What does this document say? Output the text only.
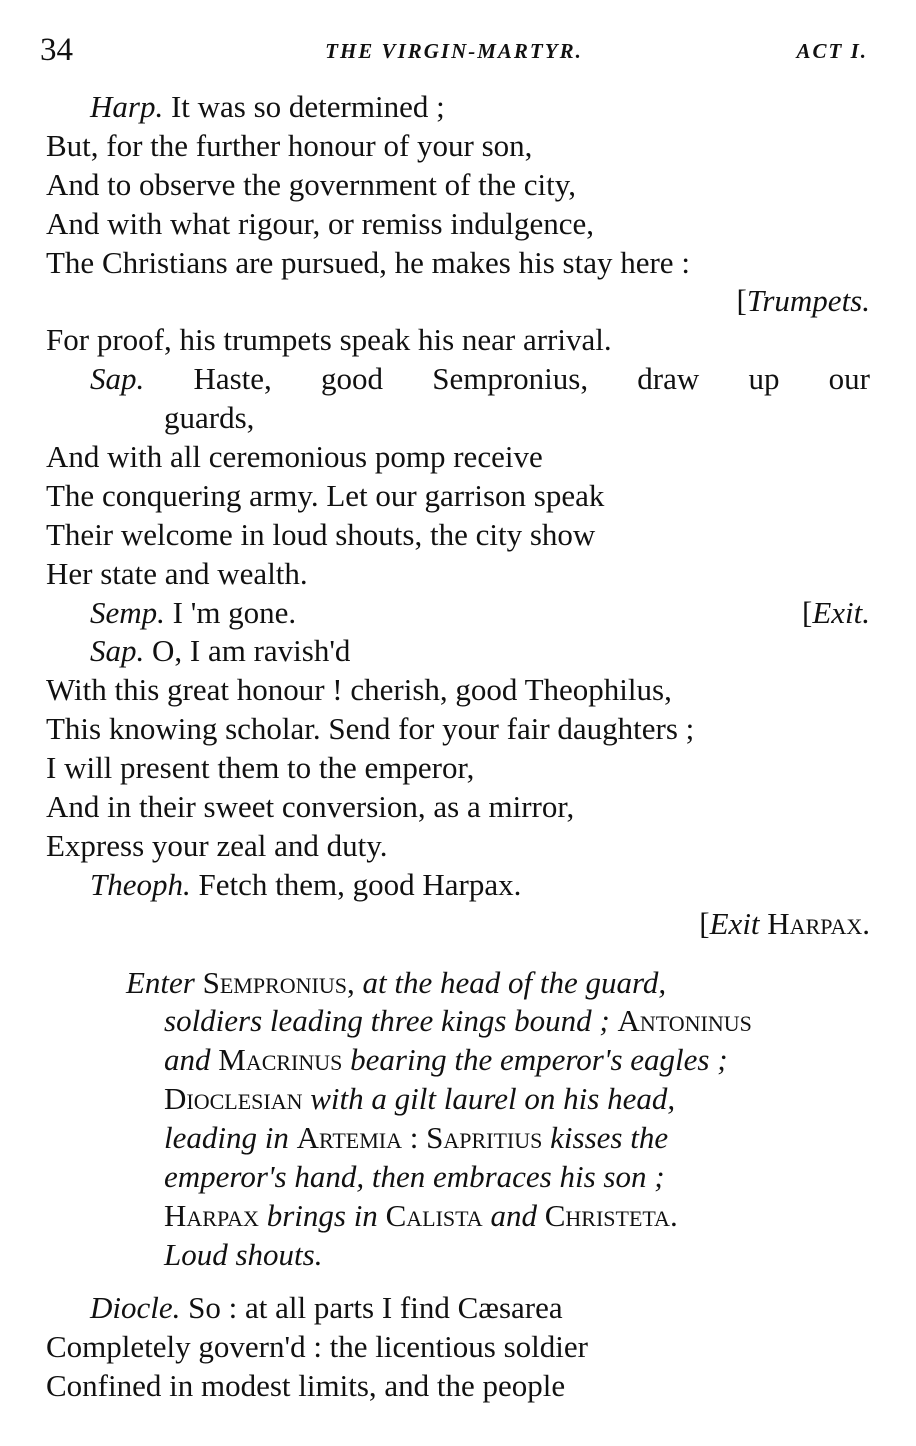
34	THE VIRGIN-MARTYR.	ACT I.
Harp. It was so determined ;
But, for the further honour of your son,
And to observe the government of the city,
And with what rigour, or remiss indulgence,
The Christians are pursued, he makes his stay here :
[Trumpets.
For proof, his trumpets speak his near arrival.
Sap. Haste, good Sempronius, draw up our
guards,
And with all ceremonious pomp receive
The conquering army. Let our garrison speak
Their welcome in loud shouts, the city show
Her state and wealth.
Semp. I 'm gone.	[Exit.
Sap. O, I am ravish'd
With this great honour ! cherish, good Theophilus,
This knowing scholar. Send for your fair daughters ;
I will present them to the emperor,
And in their sweet conversion, as a mirror,
Express your zeal and duty.
Theoph. Fetch them, good Harpax.
[Exit Harpax.
Enter Sempronius, at the head of the guard,
soldiers leading three kings bound ; Antoninus
and Macrinus bearing the emperor's eagles ;
Dioclesian with a gilt laurel on his head,
leading in Artemia : Sapritius kisses the
emperor's hand, then embraces his son ;
Harpax brings in Calista and Christeta.
Loud shouts.
Diocle. So : at all parts I find Cæsarea
Completely govern'd : the licentious soldier
Confined in modest limits, and the people
